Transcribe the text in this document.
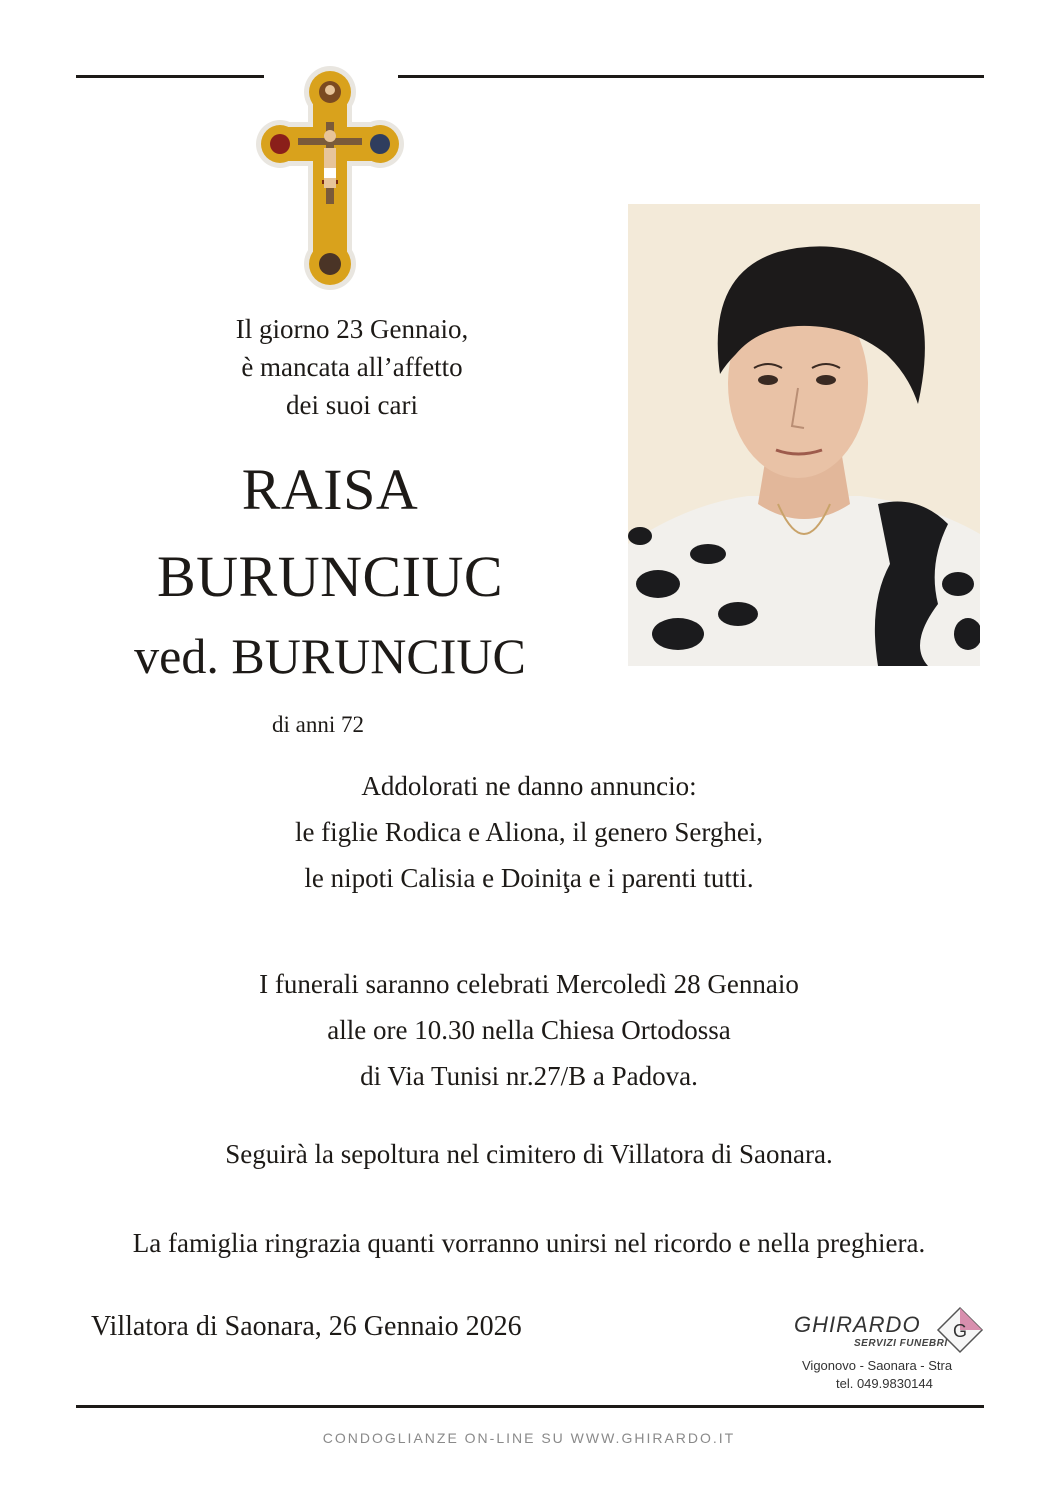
Il giorno 23 Gennaio,
è mancata all’affetto
dei suoi cari
RAISA
BURUNCIUC
ved. BURUNCIUC
di anni 72
Addolorati ne danno annuncio:
le figlie Rodica e Aliona, il genero Serghei,
le nipoti Calisia e Doiniţa e i parenti tutti.
I funerali saranno celebrati Mercoledì 28 Gennaio
alle ore 10.30 nella Chiesa Ortodossa
di Via Tunisi nr.27/B a Padova.
Seguirà la sepoltura nel cimitero di Villatora di Saonara.
La famiglia ringrazia quanti vorranno unirsi nel ricordo e nella preghiera.
Villatora di Saonara, 26 Gennaio 2026	GHIRARDO
SERVIZI FUNEBRI
G
Vigonovo - Saonara - Stra
tel. 049.9830144
CONDOGLIANZE ON-LINE SU WWW.GHIRARDO.IT
